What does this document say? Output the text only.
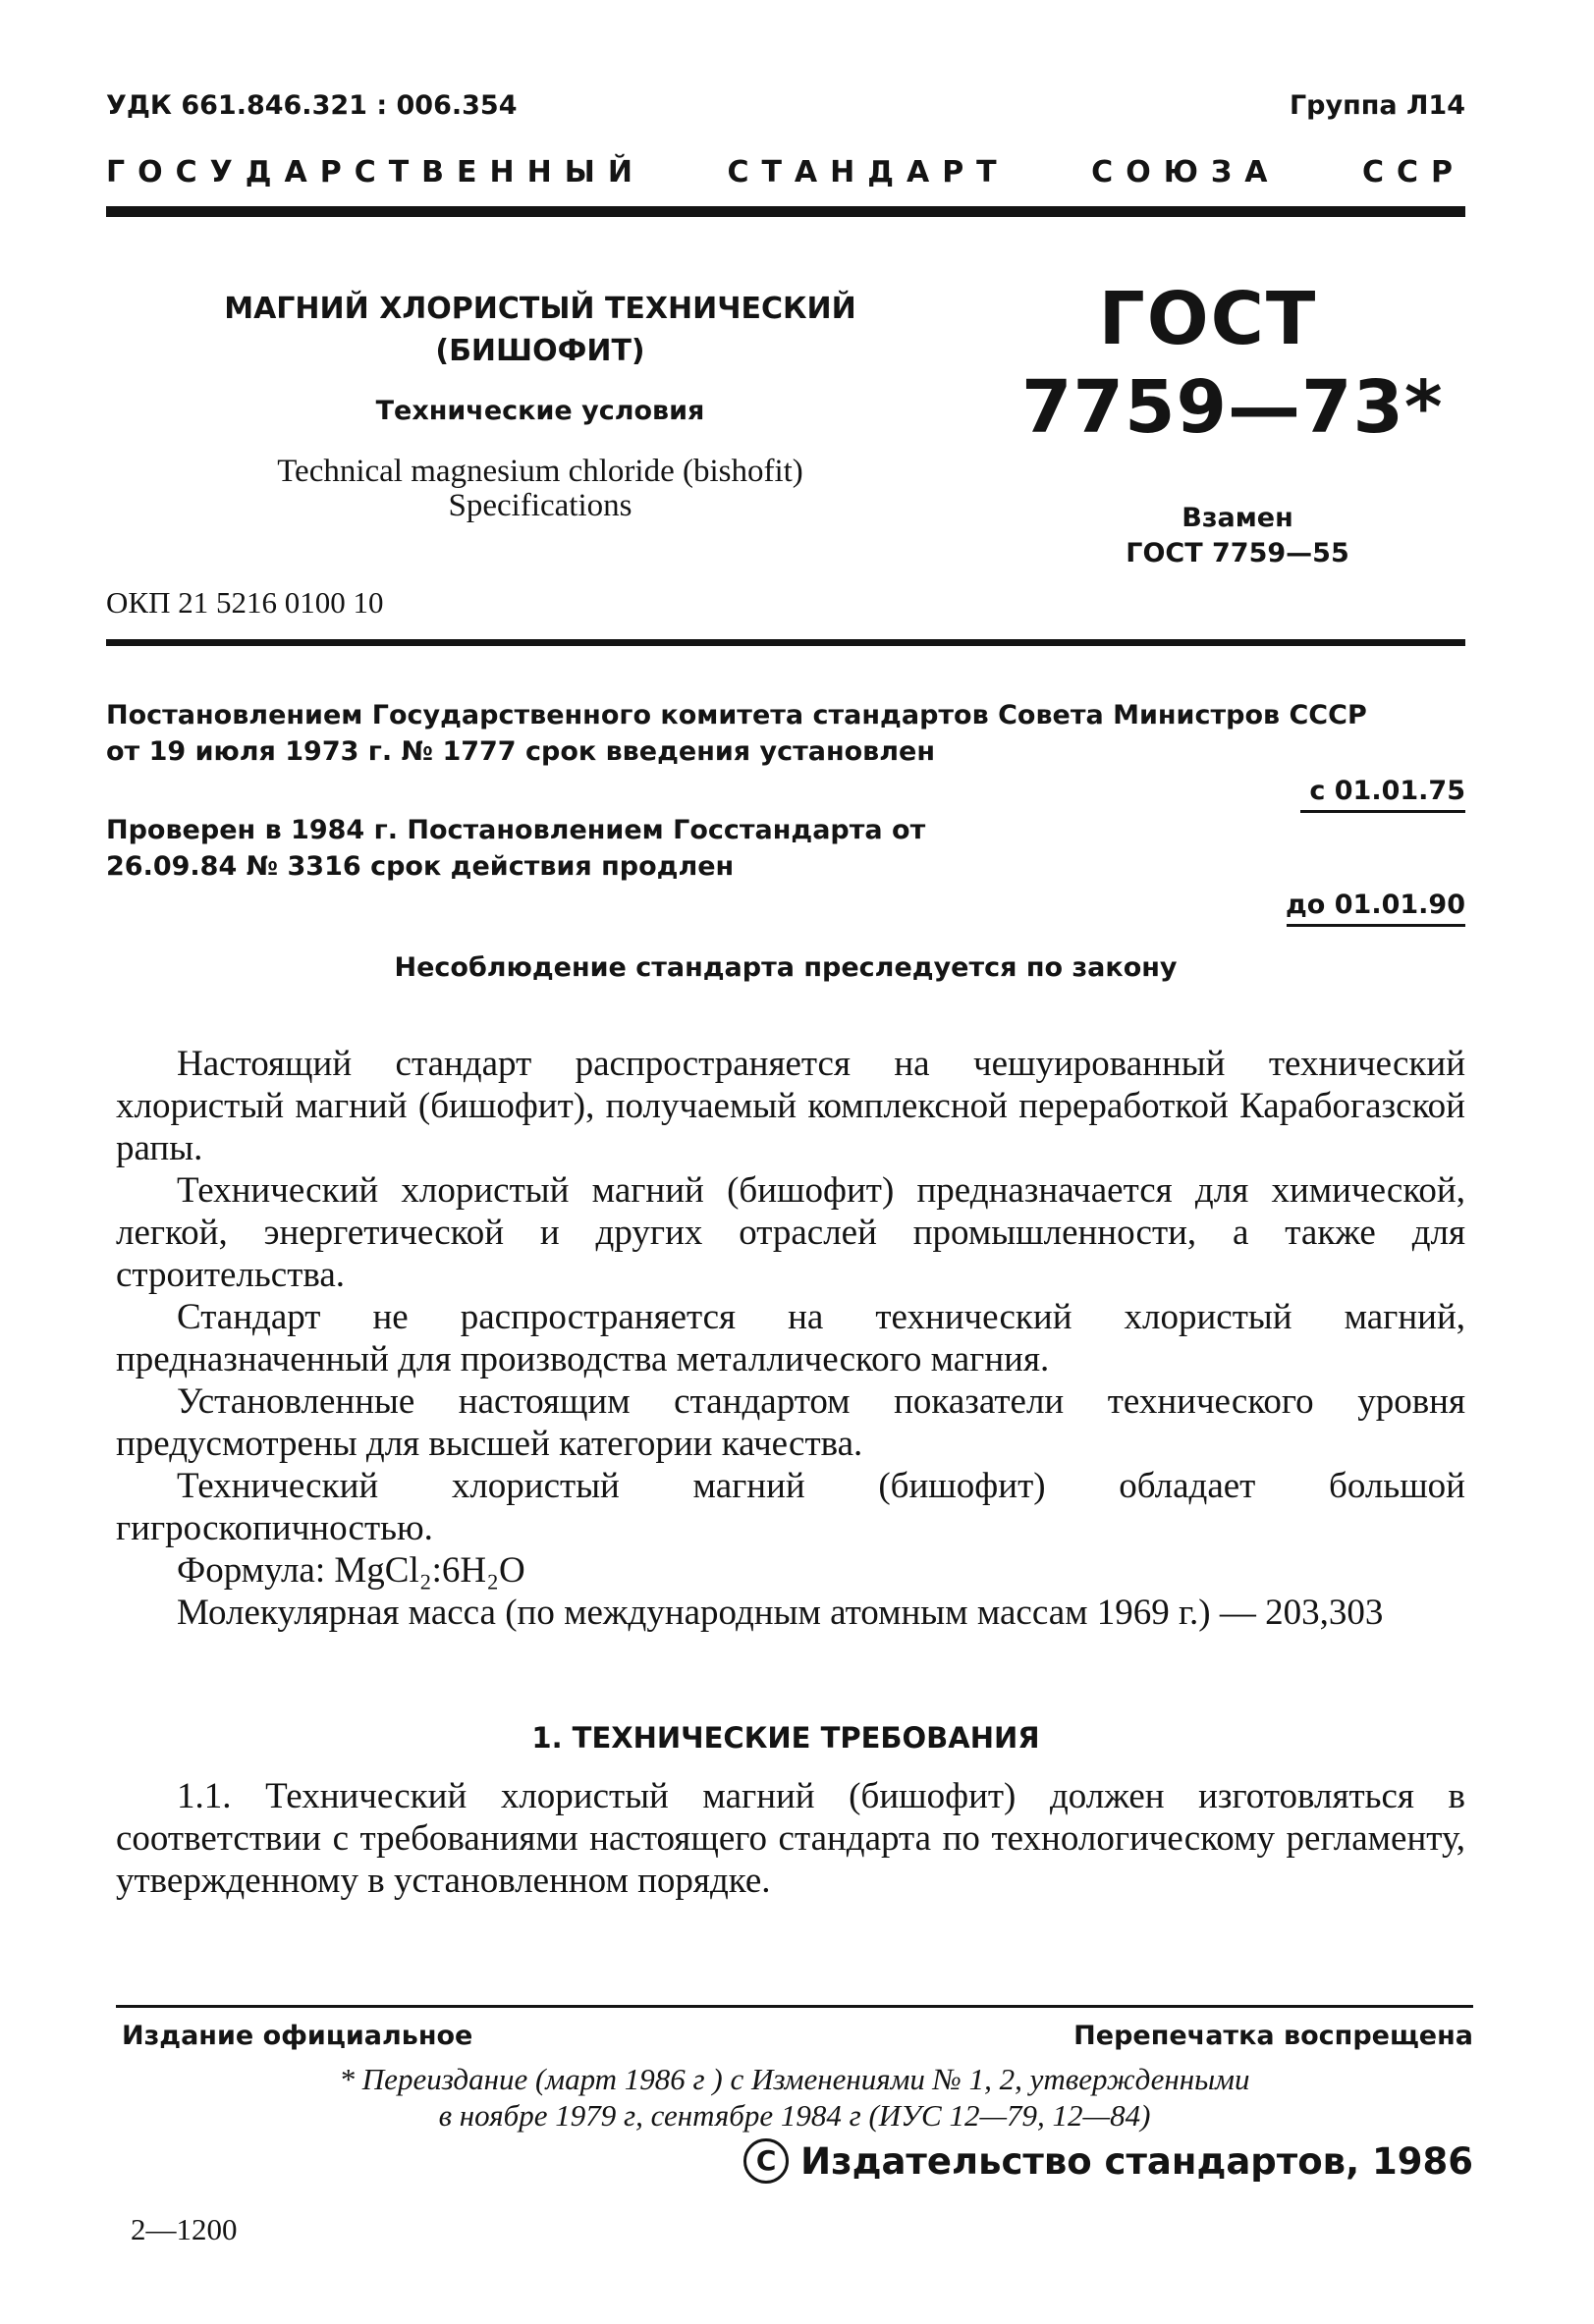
УДК 661.846.321 : 006.354	Группа Л14
ГОСУДАРСТВЕННЫЙ	СТАНДАРТ	СОЮЗА	ССР
МАГНИЙ ХЛОРИСТЫЙ ТЕХНИЧЕСКИЙ
(БИШОФИТ)
Технические условия
Technical magnesium chloride (bishofit)
Specifications
ГОСТ
7759—73*
Взамен
ГОСТ 7759—55
ОКП 21 5216 0100 10
Постановлением Государственного комитета стандартов Совета Министров СССР
от 19 июля 1973 г. № 1777 срок введения установлен
с 01.01.75
Проверен в 1984 г. Постановлением Госстандарта от
26.09.84 № 3316 срок действия продлен
до 01.01.90
Несоблюдение стандарта преследуется по закону

Настоящий стандарт распространяется на чешуированный технический хлористый магний (бишофит), получаемый комплексной переработкой Карабогазской рапы.

Технический хлористый магний (бишофит) предназначается для химической, легкой, энергетической и других отраслей промышленности, а также для строительства.

Стандарт не распространяется на технический хлористый магний, предназначенный для производства металлического магния.

Установленные настоящим стандартом показатели технического уровня предусмотрены для высшей категории качества.

Технический хлористый магний (бишофит) обладает большой гигроскопичностью.

Формула: MgCl₂:6H₂O

Молекулярная масса (по международным атомным массам 1969 г.) — 203,303

1. ТЕХНИЧЕСКИЕ ТРЕБОВАНИЯ

1.1. Технический хлористый магний (бишофит) должен изготовляться в соответствии с требованиями настоящего стандарта по технологическому регламенту, утвержденному в установленном порядке.

Издание официальное	Перепечатка воспрещена
* Переиздание (март 1986 г ) с Изменениями № 1, 2, утвержденными
в ноябре 1979 г, сентябре 1984 г (ИУС 12—79, 12—84)
C Издательство стандартов, 1986
2—1200
